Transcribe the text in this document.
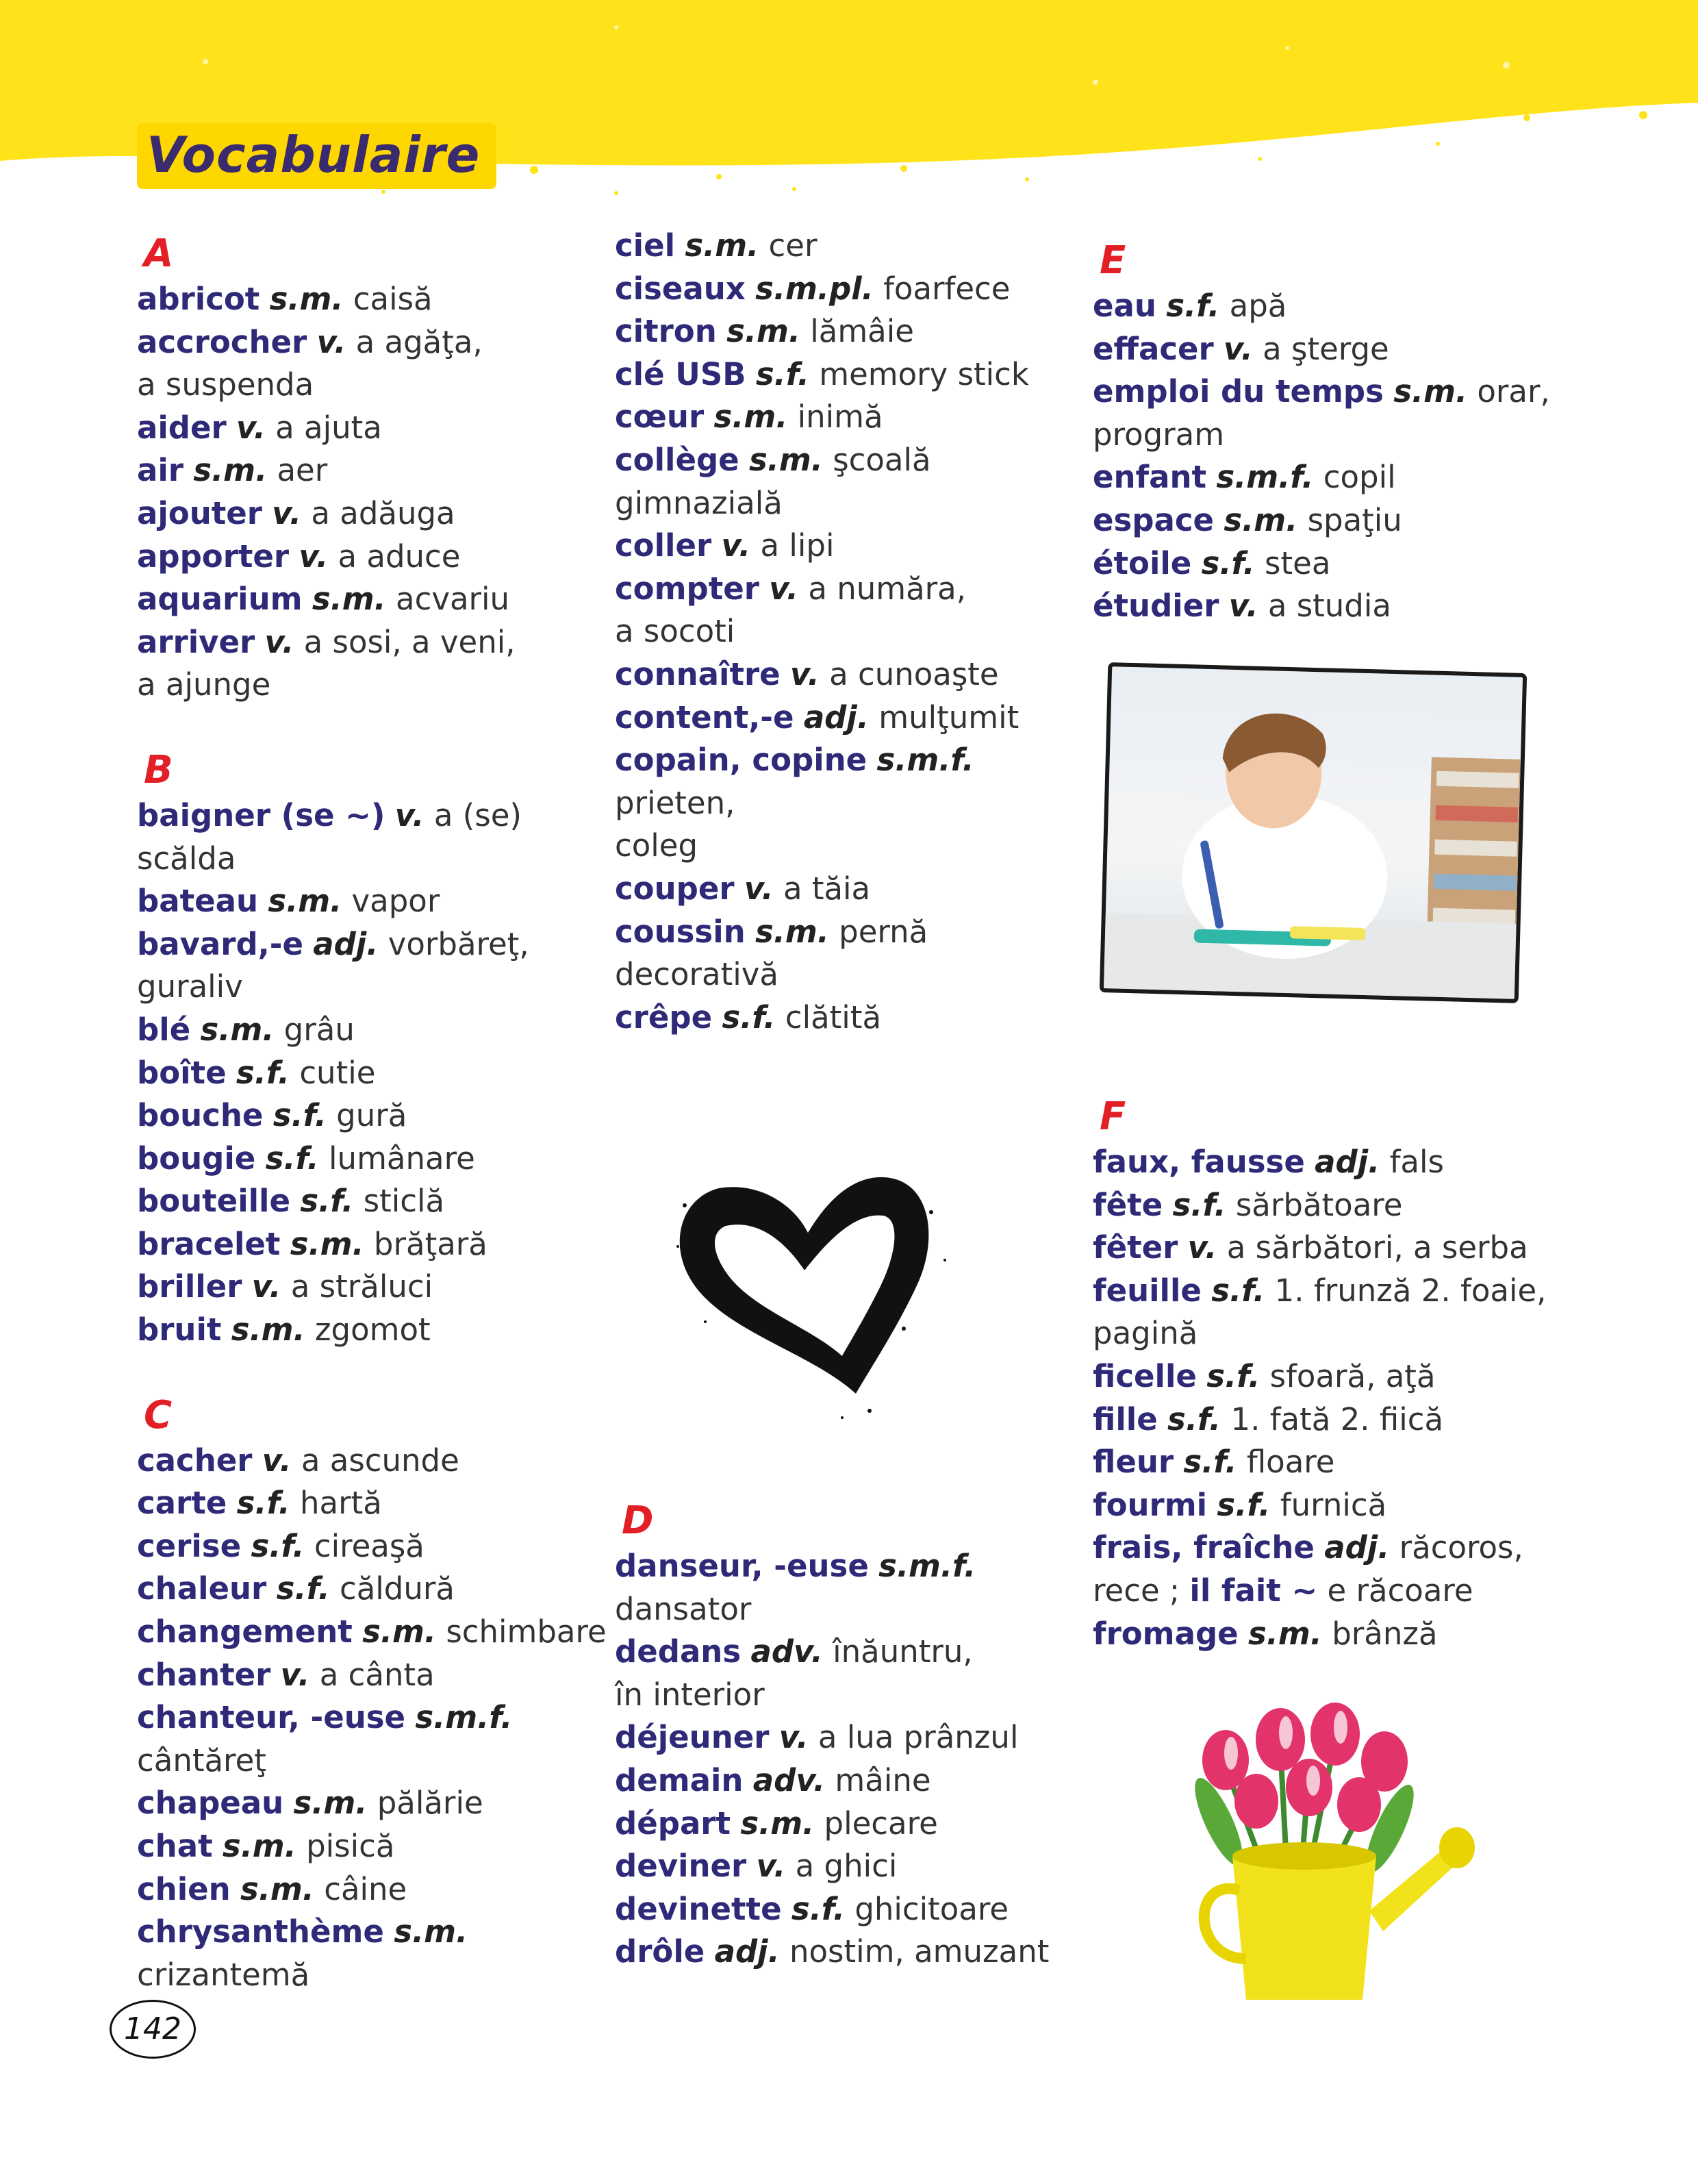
Vocabulaire
A

abricot s.m. caisă

accrocher v. a agăţa,
a suspenda

aider v. a ajuta

air s.m. aer

ajouter v. a adăuga

apporter v. a aduce

aquarium s.m. acvariu

arriver v. a sosi, a veni,
a ajunge

B

baigner (se ~) v. a (se) scălda

bateau s.m. vapor

bavard,-e adj. vorbăreţ,
guraliv

blé s.m. grâu

boîte s.f. cutie

bouche s.f. gură

bougie s.f. lumânare

bouteille s.f. sticlă

bracelet s.m. brăţară

briller v. a străluci

bruit s.m. zgomot

C

cacher v. a ascunde

carte s.f. hartă

cerise s.f. cireaşă

chaleur s.f. căldură

changement s.m. schimbare

chanter v. a cânta

chanteur, -euse s.m.f.
cântăreţ

chapeau s.m. pălărie

chat s.m. pisică

chien s.m. câine

chrysanthème s.m.
crizantemă

ciel s.m. cer

ciseaux s.m.pl. foarfece

citron s.m. lămâie

clé USB s.f. memory stick

cœur s.m. inimă

collège s.m. şcoală
gimnazială

coller v. a lipi

compter v. a număra,
a socoti

connaître v. a cunoaşte

content,-e adj. mulţumit

copain, copine s.m.f. prieten,
coleg

couper v. a tăia

coussin s.m. pernă
decorativă

crêpe s.f. clătită

D

danseur, -euse s.m.f.
dansator

dedans adv. înăuntru,
în interior

déjeuner v. a lua prânzul

demain adv. mâine

départ s.m. plecare

deviner v. a ghici

devinette s.f. ghicitoare

drôle adj. nostim, amuzant

E

eau s.f. apă

effacer v. a şterge

emploi du temps s.m. orar,
program

enfant s.m.f. copil

espace s.m. spaţiu

étoile s.f. stea

étudier v. a studia

F

faux, fausse adj. fals

fête s.f. sărbătoare

fêter v. a sărbători, a serba

feuille s.f. 1. frunză 2. foaie,
pagină

ficelle s.f. sfoară, aţă

fille s.f. 1. fată 2. fiică

fleur s.f. floare

fourmi s.f. furnică

frais, fraîche adj. răcoros,
rece ; il fait ~ e răcoare

fromage s.m. brânză

142
